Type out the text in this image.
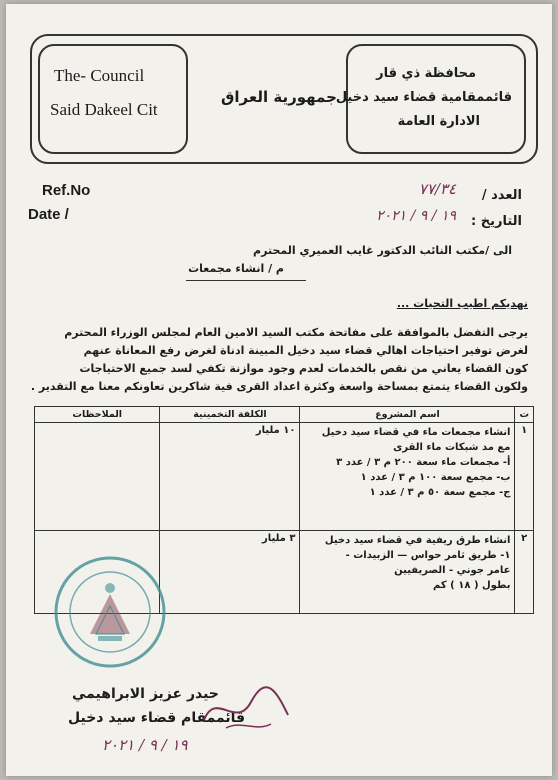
The- Council
Said Dakeel Cit
جمهورية العراق
محافظة ذي قار
قائممقامية قضاء سيد دخيل
الادارة العامة
Ref.No
Date /
العدد /
٧٧/٣٤
التاريخ :
١٩ / ٩ / ٢٠٢١
الى /مكتب النائب الدكتور غايب العميري المحترم
م / انشاء مجمعات
نهديكم اطيب التحيات ...
يرجى التفضل بالموافقة على مفاتحة مكتب السيد الامين العام لمجلس الوزراء المحترم
لغرض توفير احتياجات اهالي قضاء سيد دخيل المبينة ادناة لغرض رفع المعاناة عنهم
كون القضاء يعاني من نقص بالخدمات لعدم وجود موازنة تكفي لسد جميع الاحتياجات
ولكون القضاء يتمتع بمساحة واسعة وكثرة اعداد القرى فية شاكرين تعاونكم معنا مع التقدير .
ت	اسم المشروع	الكلفة التخمينية	الملاحظات
١	انشاء مجمعات ماء في قضاء سيد دخيل
مع مد شبكات ماء القرى
أ- مجمعات ماء سعة ٢٠٠ م ٣ / عدد ٣
ب- مجمع سعة ١٠٠ م ٣ / عدد ١
ج- مجمع سعة ٥٠ م ٣ / عدد ١	١٠ مليار	
٢	انشاء طرق ريفية في قضاء سيد دخيل
١- طريق ثامر حواس — الزبيدات -
عامر جوني - الصريفيين
بطول ( ١٨ ) كم	٣ مليار	
حيدر عزيز الابراهيمي
قائممقام قضاء سيد دخيل
١٩ / ٩ / ٢٠٢١
